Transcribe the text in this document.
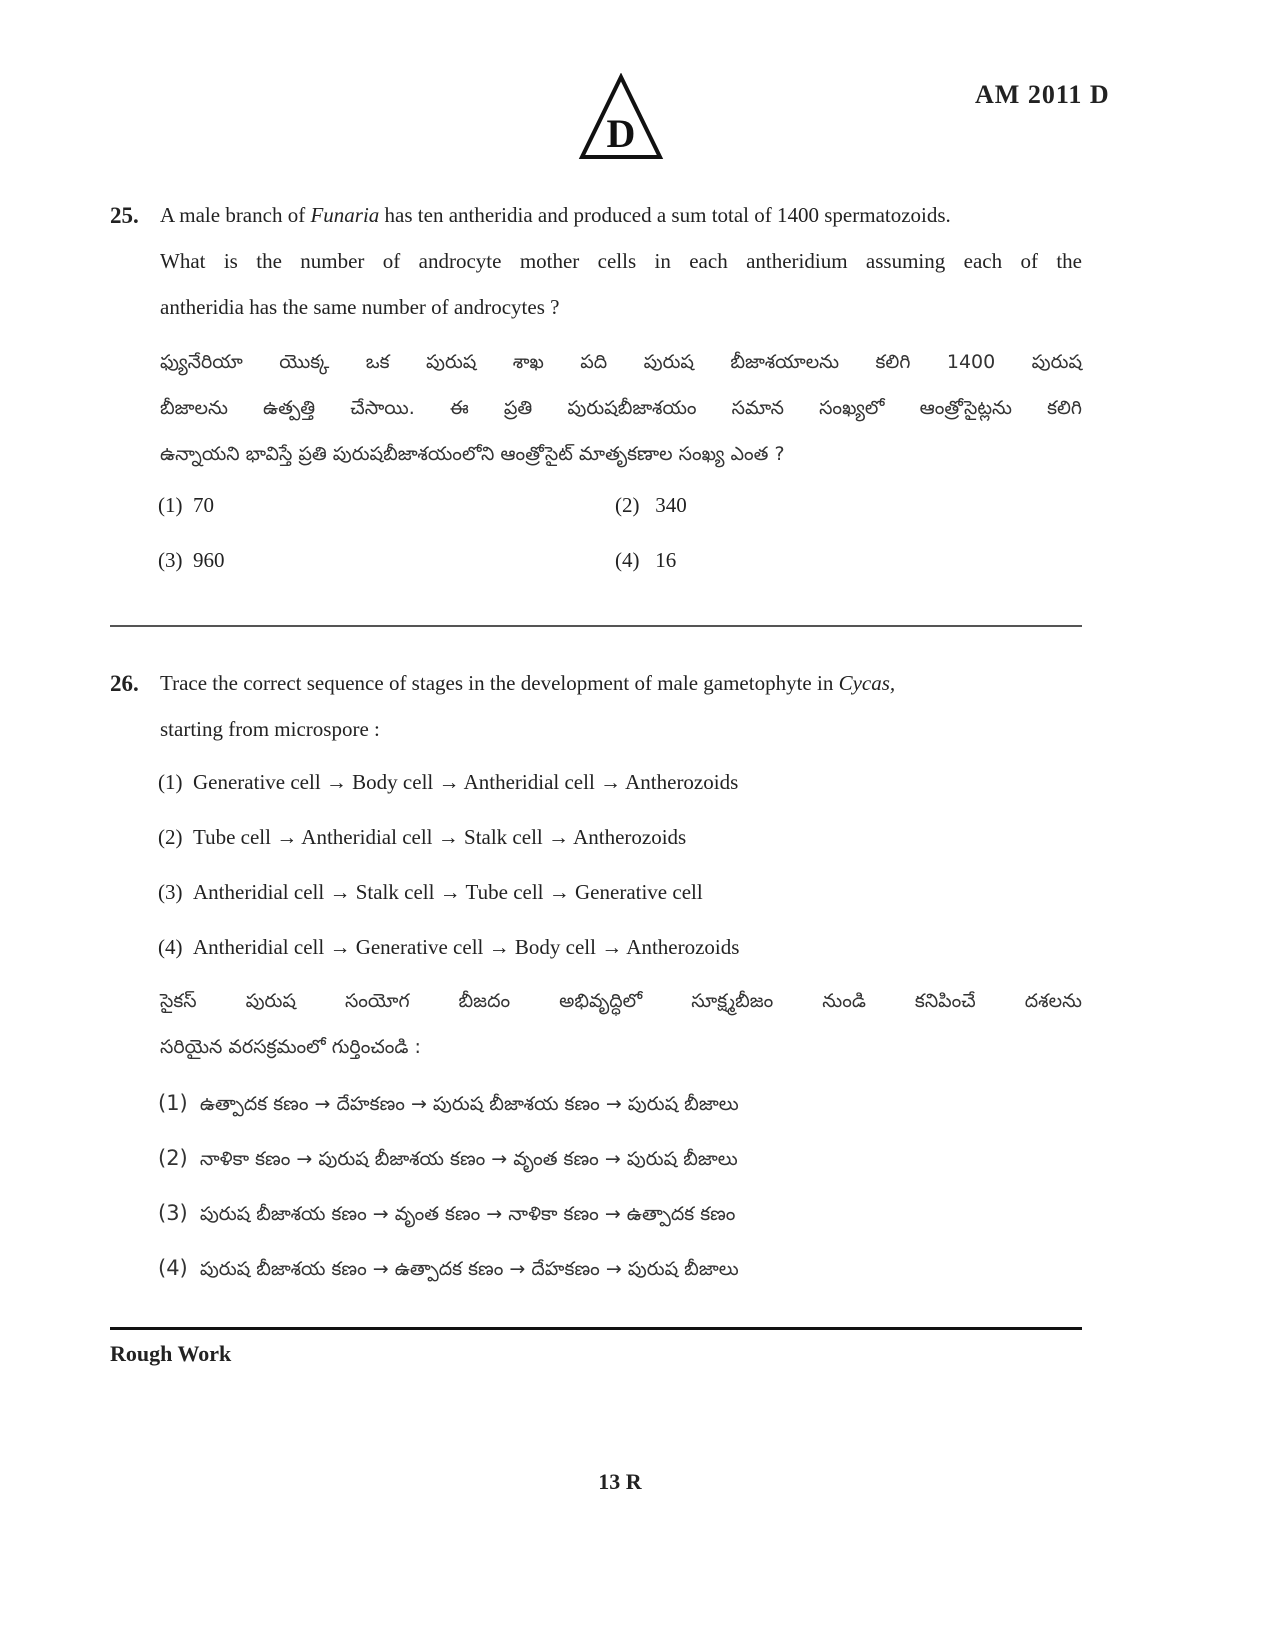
AM 2011 D
D
25. A male branch of Funaria has ten antheridia and produced a sum total of 1400 spermatozoids.
What is the number of androcyte mother cells in each antheridium assuming each of the
antheridia has the same number of androcytes ?
ఫ్యునేరియా యొక్క ఒక పురుష శాఖ పది పురుష బీజాశయాలను కలిగి 1400 పురుష
బీజాలను ఉత్పత్తి చేసాయి. ఈ ప్రతి పురుషబీజాశయం సమాన సంఖ్యలో ఆంత్రోసైట్లను కలిగి
ఉన్నాయని భావిస్తే ప్రతి పురుషబీజాశయంలోని ఆంత్రోసైట్ మాతృకణాల సంఖ్య ఎంత ?
(1) 70	(2) 340
(3) 960	(4) 16
26. Trace the correct sequence of stages in the development of male gametophyte in Cycas,
starting from microspore :
(1) Generative cell → Body cell → Antheridial cell → Antherozoids
(2) Tube cell → Antheridial cell → Stalk cell → Antherozoids
(3) Antheridial cell → Stalk cell → Tube cell → Generative cell
(4) Antheridial cell → Generative cell → Body cell → Antherozoids
సైకస్ పురుష సంయోగ బీజదం అభివృద్ధిలో సూక్ష్మబీజం నుండి కనిపించే దశలను
సరియైన వరసక్రమంలో గుర్తించండి :
(1) ఉత్పాదక కణం → దేహకణం → పురుష బీజాశయ కణం → పురుష బీజాలు
(2) నాళికా కణం → పురుష బీజాశయ కణం → వృంత కణం → పురుష బీజాలు
(3) పురుష బీజాశయ కణం → వృంత కణం → నాళికా కణం → ఉత్పాదక కణం
(4) పురుష బీజాశయ కణం → ఉత్పాదక కణం → దేహకణం → పురుష బీజాలు
Rough Work
13 R
